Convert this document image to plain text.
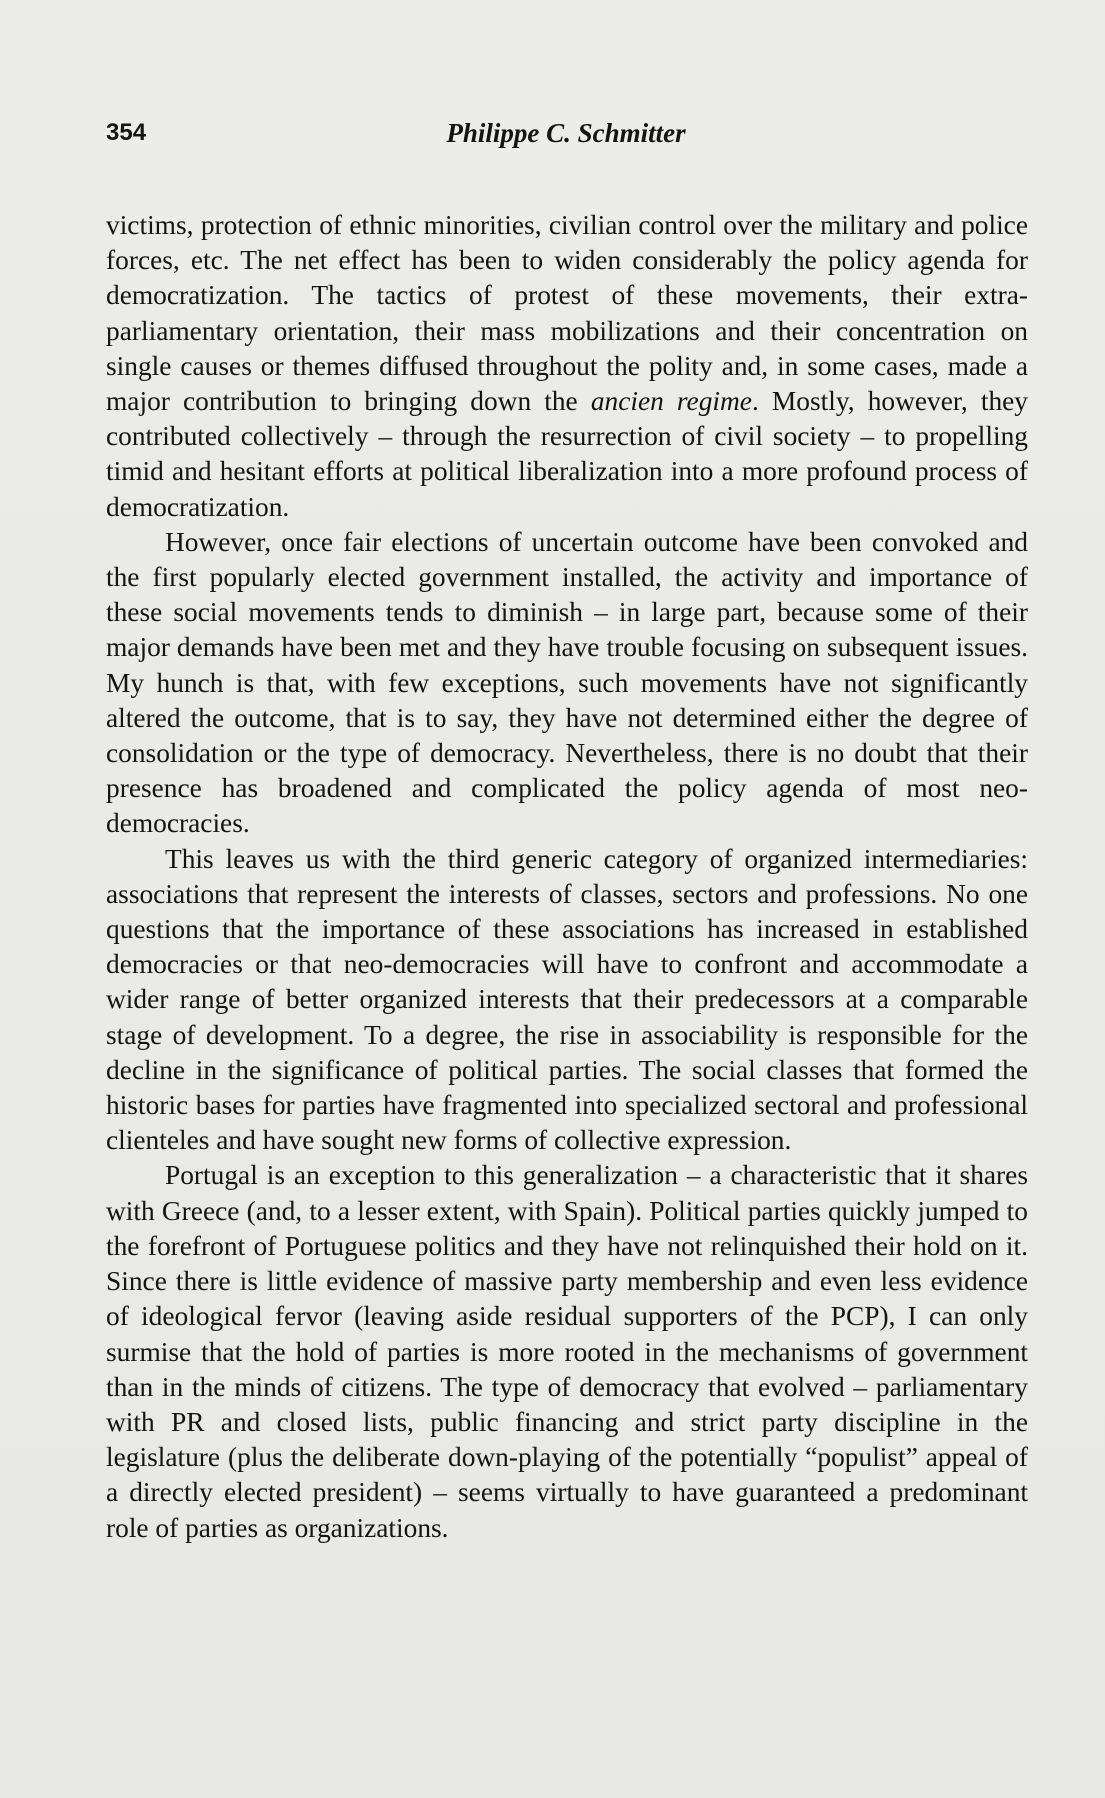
354	Philippe C. Schmitter

victims, protection of ethnic minorities, civilian control over the military and police forces, etc. The net effect has been to widen considerably the policy agenda for democratization. The tactics of protest of these movements, their extra-parliamentary orientation, their mass mobilizations and their concentration on single causes or themes diffused throughout the polity and, in some cases, made a major contribution to bringing down the ancien regime. Mostly, however, they contributed collectively – through the resurrection of civil society – to propelling timid and hesitant efforts at political liberalization into a more profound process of democratization.

However, once fair elections of uncertain outcome have been convoked and the first popularly elected government installed, the activity and importance of these social movements tends to diminish – in large part, because some of their major demands have been met and they have trouble focusing on subsequent issues. My hunch is that, with few exceptions, such movements have not significantly altered the outcome, that is to say, they have not determined either the degree of consolidation or the type of democracy. Nevertheless, there is no doubt that their presence has broadened and complicated the policy agenda of most neo-democracies.

This leaves us with the third generic category of organized intermediaries: associations that represent the interests of classes, sectors and professions. No one questions that the importance of these associations has increased in established democracies or that neo-democracies will have to confront and accommodate a wider range of better organized interests that their predecessors at a comparable stage of development. To a degree, the rise in associability is responsible for the decline in the significance of political parties. The social classes that formed the historic bases for parties have fragmented into specialized sectoral and professional clienteles and have sought new forms of collective expression.

Portugal is an exception to this generalization – a characteristic that it shares with Greece (and, to a lesser extent, with Spain). Political parties quickly jumped to the forefront of Portuguese politics and they have not relinquished their hold on it. Since there is little evidence of massive party membership and even less evidence of ideological fervor (leaving aside residual supporters of the PCP), I can only surmise that the hold of parties is more rooted in the mechanisms of government than in the minds of citizens. The type of democracy that evolved – parliamentary with PR and closed lists, public financing and strict party discipline in the legislature (plus the deliberate down-playing of the potentially “populist” appeal of a directly elected president) – seems virtually to have guaranteed a predominant role of parties as organizations.
